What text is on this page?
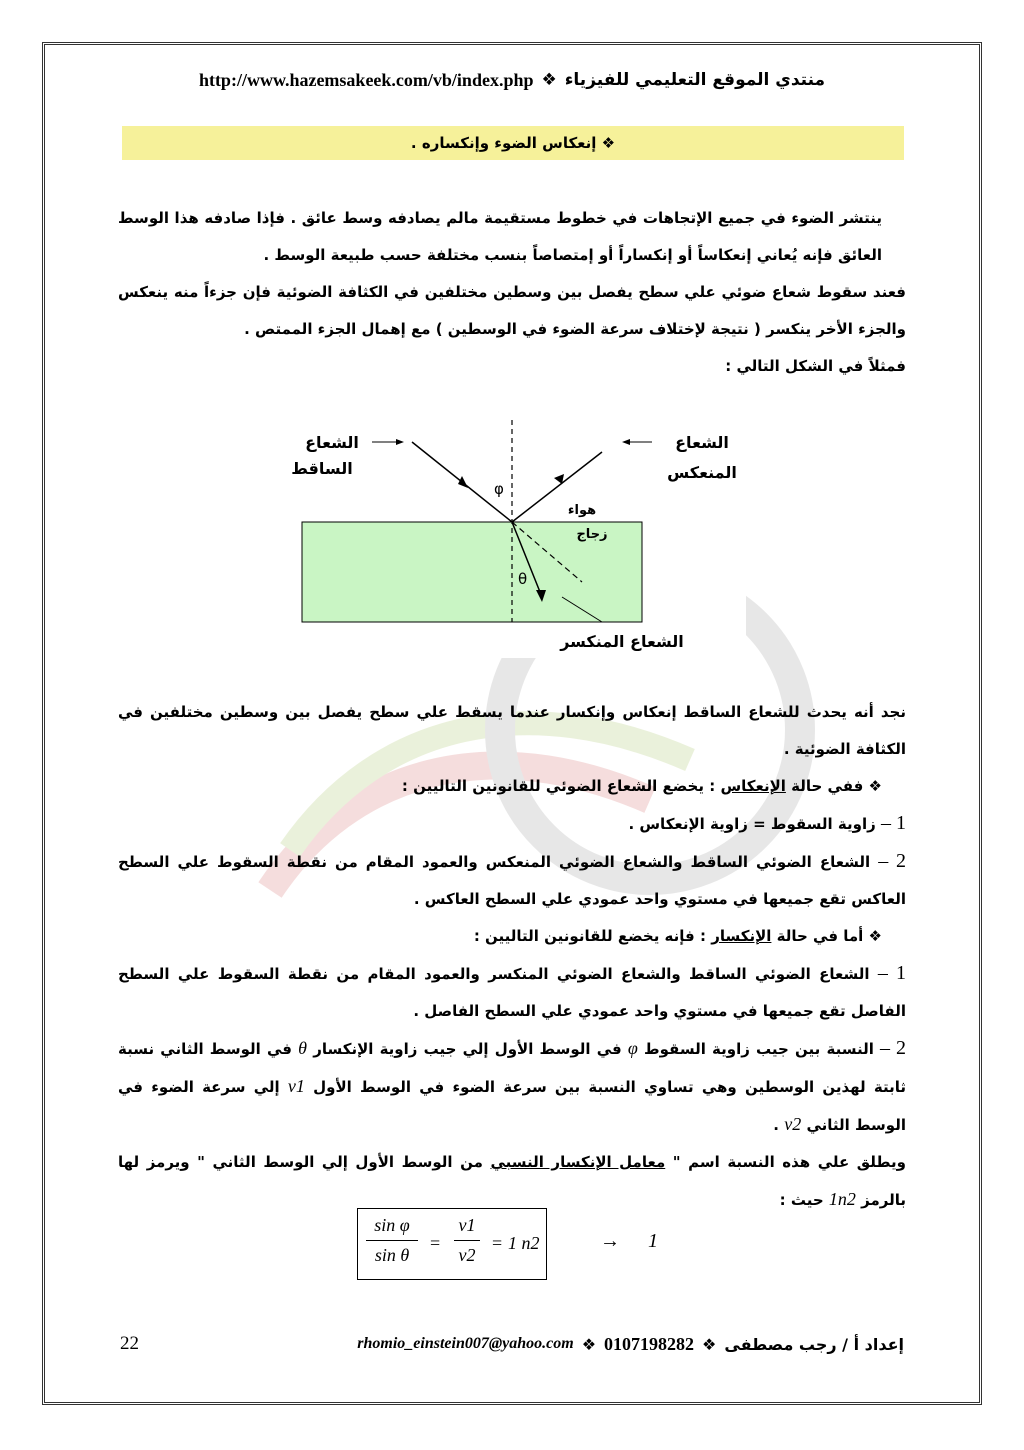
http://www.hazemsakeek.com/vb/index.php ❖ منتدي الموقع التعليمي للفيزياء
❖ إنعكاس الضوء وإنكساره .

ينتشر الضوء في جميع الإتجاهات في خطوط مستقيمة مالم يصادفه وسط عائق . فإذا صادفه هذا الوسط العائق فإنه يُعاني إنعكاساً أو إنكساراً أو إمتصاصاً بنسب مختلفة حسب طبيعة الوسط .

فعند سقوط شعاع ضوئي علي سطح يفصل بين وسطين مختلفين في الكثافة الضوئية فإن جزءاً منه ينعكس والجزء الأخر ينكسر ( نتيجة لإختلاف سرعة الضوء في الوسطين ) مع إهمال الجزء الممتص .

فمثلاً في الشكل التالي :

الشعاع
الساقط
الشعاع
المنعكس
هواء
زجاج
φ
θ
الشعاع المنكسر

نجد أنه يحدث للشعاع الساقط إنعكاس وإنكسار عندما يسقط علي سطح يفصل بين وسطين مختلفين في الكثافة الضوئية .

❖ ففي حالة الإنعكاس : يخضع الشعاع الضوئي للقانونين التاليين :

1 – زاوية السقوط = زاوية الإنعكاس .

2 – الشعاع الضوئي الساقط والشعاع الضوئي المنعكس والعمود المقام من نقطة السقوط علي السطح العاكس تقع جميعها في مستوي واحد عمودي علي السطح العاكس .

❖ أما في حالة الإنكسار : فإنه يخضع للقانونين التاليين :

1 – الشعاع الضوئي الساقط والشعاع الضوئي المنكسر والعمود المقام من نقطة السقوط علي السطح الفاصل تقع جميعها في مستوي واحد عمودي علي السطح الفاصل .

2 – النسبة بين جيب زاوية السقوط φ في الوسط الأول إلي جيب زاوية الإنكسار θ في الوسط الثاني نسبة ثابتة لهذين الوسطين وهي تساوي النسبة بين سرعة الضوء في الوسط الأول v1 إلي سرعة الضوء في الوسط الثاني v2 .

ويطلق علي هذه النسبة اسم " معامل الإنكسار النسبي من الوسط الأول إلي الوسط الثاني " ويرمز لها بالرمز 1n2 حيث :

sin φ
sin θ
=
v1
v2
= 1 n2	→ 1
22	rhomio_einstein007@yahoo.com ❖ 0107198282 ❖ إعداد أ / رجب مصطفى
